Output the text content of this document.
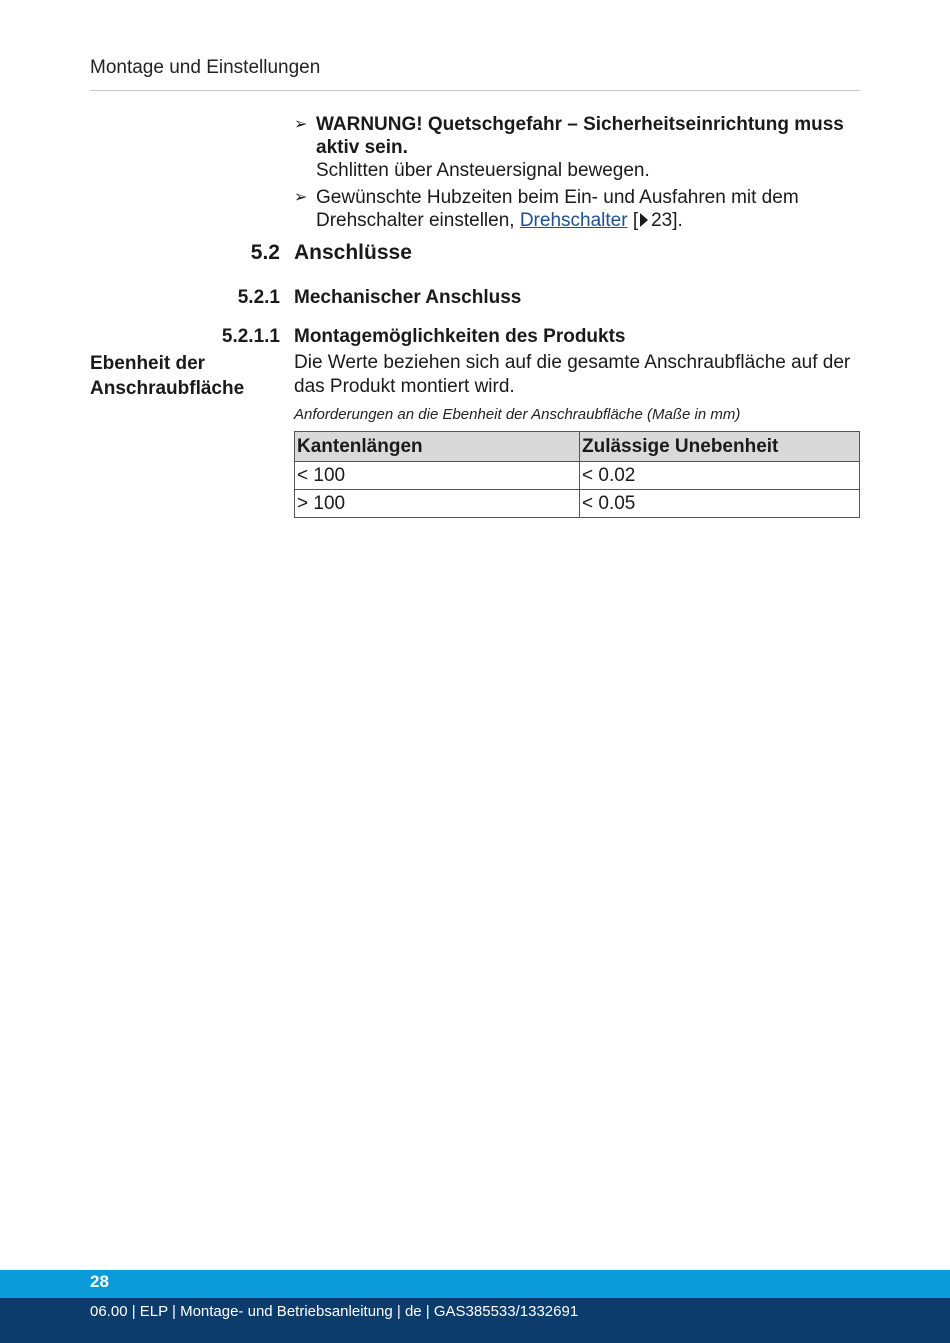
Montage und Einstellungen
➢ WARNUNG! Quetschgefahr – Sicherheitseinrichtung muss aktiv sein.
Schlitten über Ansteuersignal bewegen.
➢ Gewünschte Hubzeiten beim Ein- und Ausfahren mit dem Drehschalter einstellen, Drehschalter [ 23].
5.2 Anschlüsse
5.2.1 Mechanischer Anschluss
5.2.1.1 Montagemöglichkeiten des Produkts
Ebenheit der Anschraubfläche
Die Werte beziehen sich auf die gesamte Anschraubfläche auf der das Produkt montiert wird.
Anforderungen an die Ebenheit der Anschraubfläche (Maße in mm)
Kantenlängen	Zulässige Unebenheit
< 100	< 0.02
> 100	< 0.05
28
06.00 | ELP | Montage- und Betriebsanleitung | de | GAS385533/1332691
